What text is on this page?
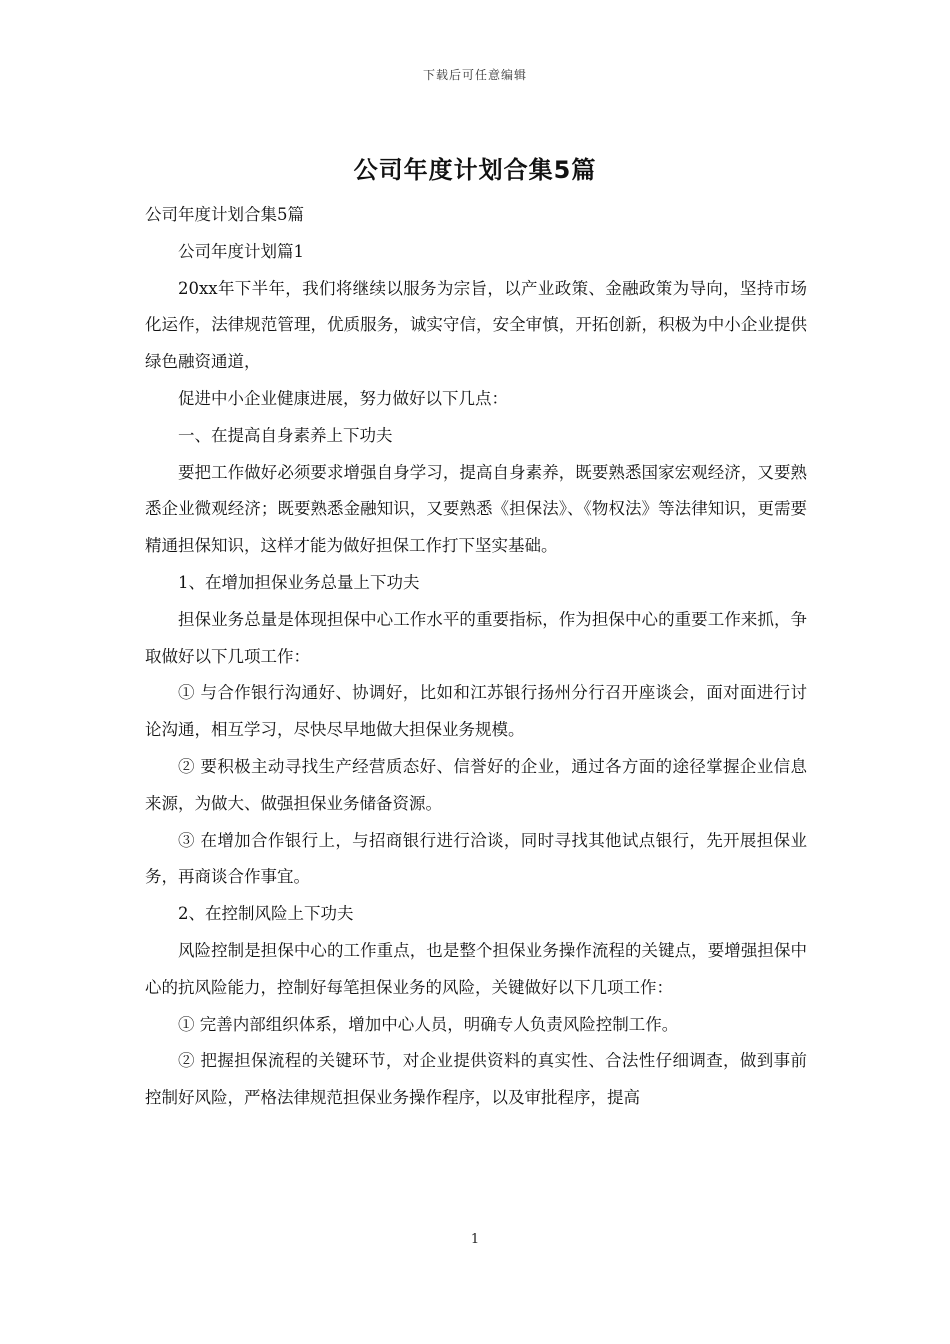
下载后可任意编辑
公司年度计划合集5篇

公司年度计划合集5篇

公司年度计划篇1

20xx年下半年，我们将继续以服务为宗旨，以产业政策、金融政策为导向，坚持市场化运作，法律规范管理，优质服务，诚实守信，安全审慎，开拓创新，积极为中小企业提供绿色融资通道，

促进中小企业健康进展，努力做好以下几点：

一、在提高自身素养上下功夫

要把工作做好必须要求增强自身学习，提高自身素养，既要熟悉国家宏观经济，又要熟悉企业微观经济；既要熟悉金融知识，又要熟悉《担保法》、《物权法》等法律知识，更需要精通担保知识，这样才能为做好担保工作打下坚实基础。

1、在增加担保业务总量上下功夫

担保业务总量是体现担保中心工作水平的重要指标，作为担保中心的重要工作来抓，争取做好以下几项工作：

① 与合作银行沟通好、协调好，比如和江苏银行扬州分行召开座谈会，面对面进行讨论沟通，相互学习，尽快尽早地做大担保业务规模。

② 要积极主动寻找生产经营质态好、信誉好的企业，通过各方面的途径掌握企业信息来源，为做大、做强担保业务储备资源。

③ 在增加合作银行上，与招商银行进行洽谈，同时寻找其他试点银行，先开展担保业务，再商谈合作事宜。

2、在控制风险上下功夫

风险控制是担保中心的工作重点，也是整个担保业务操作流程的关键点，要增强担保中心的抗风险能力，控制好每笔担保业务的风险，关键做好以下几项工作：

① 完善内部组织体系，增加中心人员，明确专人负责风险控制工作。

② 把握担保流程的关键环节，对企业提供资料的真实性、合法性仔细调查，做到事前控制好风险，严格法律规范担保业务操作程序，以及审批程序，提高

1
